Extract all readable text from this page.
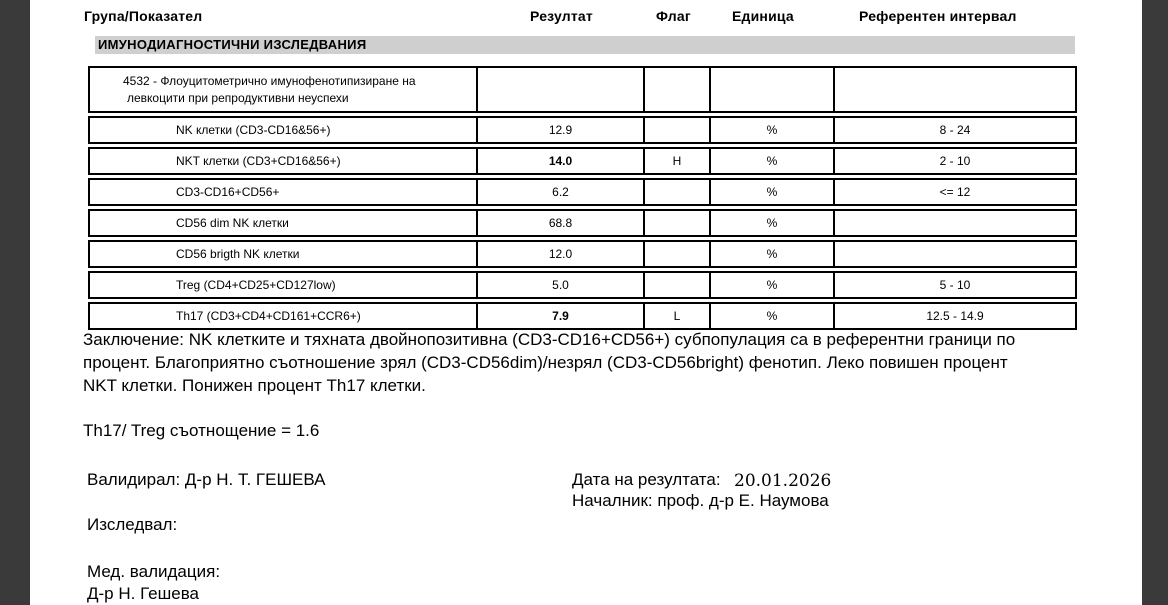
Група/Показател	Резултат	Флаг	Единица	Референтен интервал
ИМУНОДИАГНОСТИЧНИ ИЗСЛЕДВАНИЯ
4532 - Флоуцитометрично имунофенотипизиране на
левкоцити при репродуктивни неуспехи				

NK клетки (CD3-CD16&56+)	12.9		%	8 - 24
NKT клетки (CD3+CD16&56+)	14.0	H	%	2 - 10
CD3-CD16+CD56+	6.2		%	<= 12
CD56 dim NK клетки	68.8		%	
CD56 brigth NK клетки	12.0		%	
Treg (CD4+CD25+CD127low)	5.0		%	5 - 10
Th17 (CD3+CD4+CD161+CCR6+)	7.9	L	%	12.5 - 14.9
Заключение: NK клетките и тяхната двойнопозитивна (CD3-CD16+CD56+) субпопулация са в референтни граници по
процент. Благоприятно съотношение зрял (CD3-CD56dim)/незрял (CD3-CD56bright) фенотип. Леко повишен процент
NKT клетки. Понижен процент Th17 клетки.
Th17/ Treg съотнощение = 1.6
Валидирал: Д-р Н. Т. ГЕШЕВА	Дата на резултата: 20.01.2026
Началник: проф. д-р Е. Наумова
Изследвал:
Мед. валидация:
Д-р Н. Гешева
